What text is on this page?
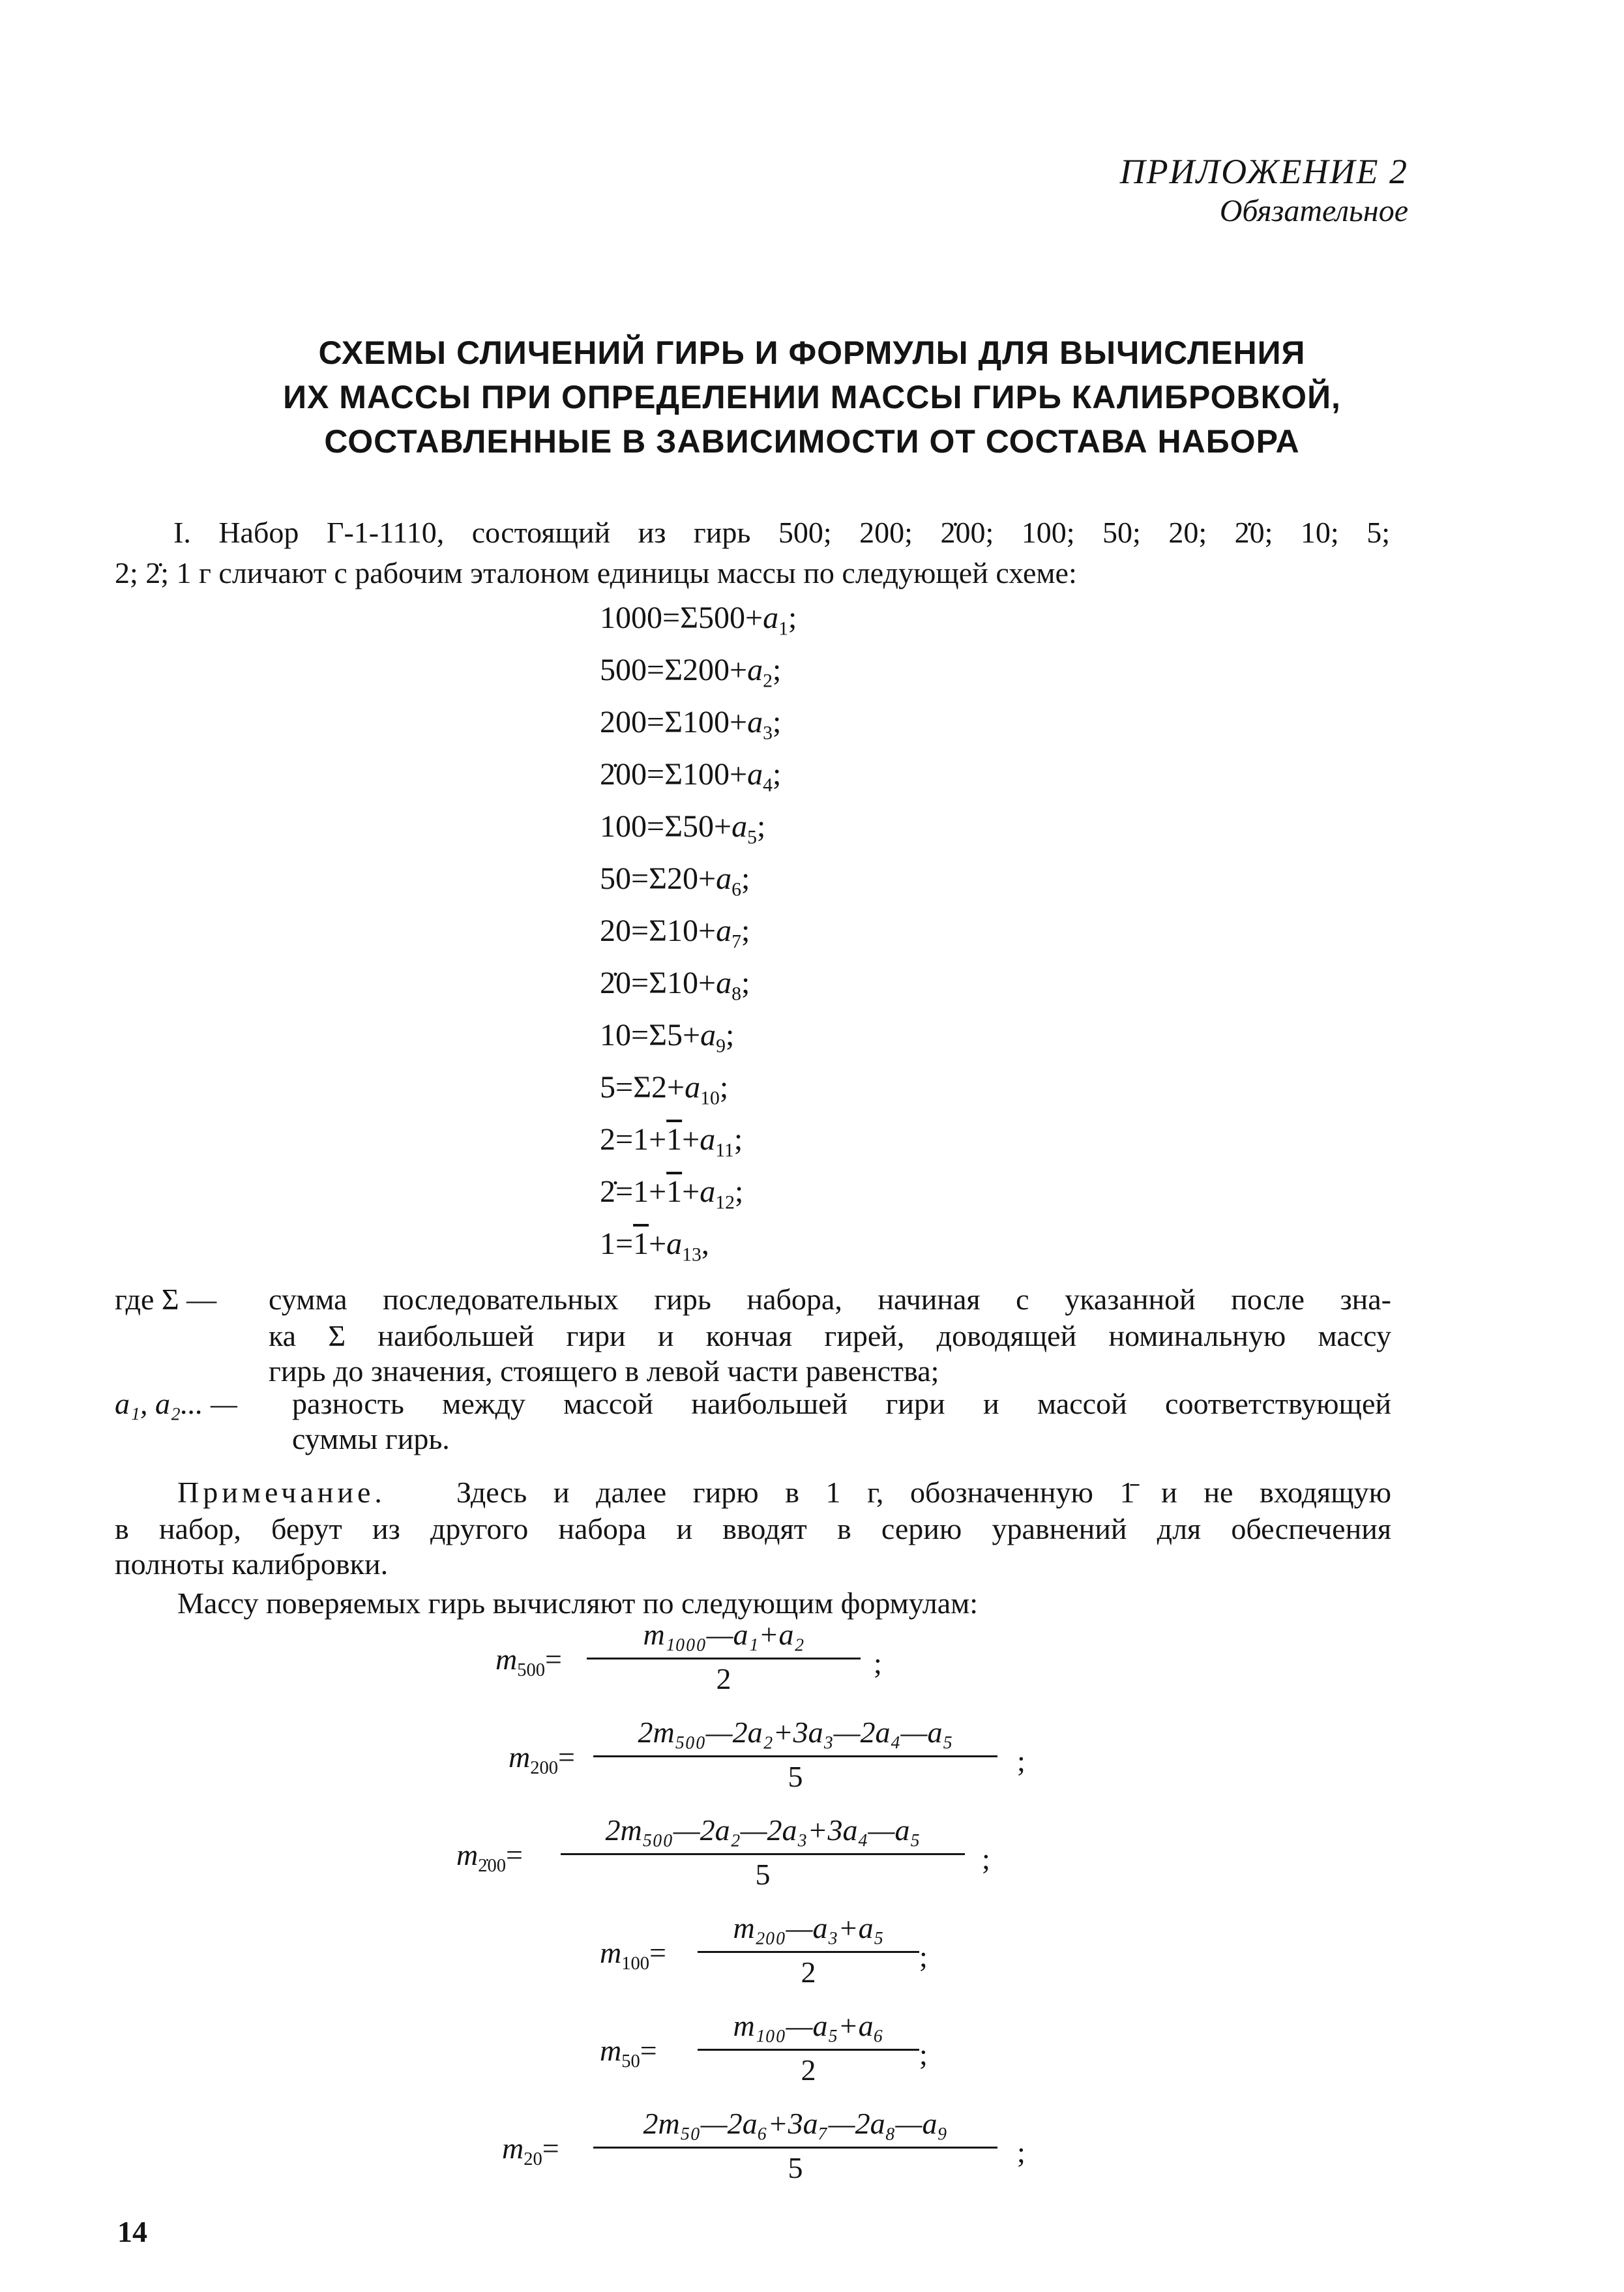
ПРИЛОЖЕНИЕ 2
Обязательное
СХЕМЫ СЛИЧЕНИЙ ГИРЬ И ФОРМУЛЫ ДЛЯ ВЫЧИСЛЕНИЯ
ИХ МАССЫ ПРИ ОПРЕДЕЛЕНИИ МАССЫ ГИРЬ КАЛИБРОВКОЙ,
СОСТАВЛЕННЫЕ В ЗАВИСИМОСТИ ОТ СОСТАВА НАБОРА
I. Набор Г-1-1110, состоящий из гирь 500; 200; 2̇00; 100; 50; 20; 2̇0; 10; 5;
2; 2̇; 1 г сличают с рабочим эталоном единицы массы по следующей схеме:
$1000=\Sigma 500+a_1$;
$500=\Sigma 200+a_2$;
$200=\Sigma 100+a_3$;
$2̇00=\Sigma 100+a_4$;
$100=\Sigma 50+a_5$;
$50=\Sigma 20+a_6$;
$20=\Sigma 10+a_7$;
$2̇0=\Sigma 10+a_8$;
$10=\Sigma 5+a_9$;
$5=\Sigma 2+a_{10}$;
$2=1+1+a_{11}$;
$2̇=1+1+a_{12}$;
$1=1+a_{13}$,
где Σ — сумма последовательных гирь набора, начиная с указанной после зна-
ка Σ наибольшей гири и кончая гирей, доводящей номинальную массу
гирь до значения, стоящего в левой части равенства;
a₁, a₂... — разность между массой наибольшей гири и массой соответствующей
суммы гирь.
Примечание. Здесь и далее гирю в 1 г, обозначенную 1̄ и не входящую
в набор, берут из другого набора и вводят в серию уравнений для обеспечения
полноты калибровки.
Массу поверяемых гирь вычисляют по следующим формулам:
$m_{500}=$
m₁₀₀₀—a₁+a₂
2	;
$m_{200}=$
2m₅₀₀—2a₂+3a₃—2a₄—a₅
5	;
$m_{2̇00}=$
2m₅₀₀—2a₂—2a₃+3a₄—a₅
5	;
$m_{100}=$
m₂₀₀—a₃+a₅
2	;
$m_{50}=$
m₁₀₀—a₅+a₆
2	;
$m_{20}=$
2m₅₀—2a₆+3a₇—2a₈—a₉
5	;
14
